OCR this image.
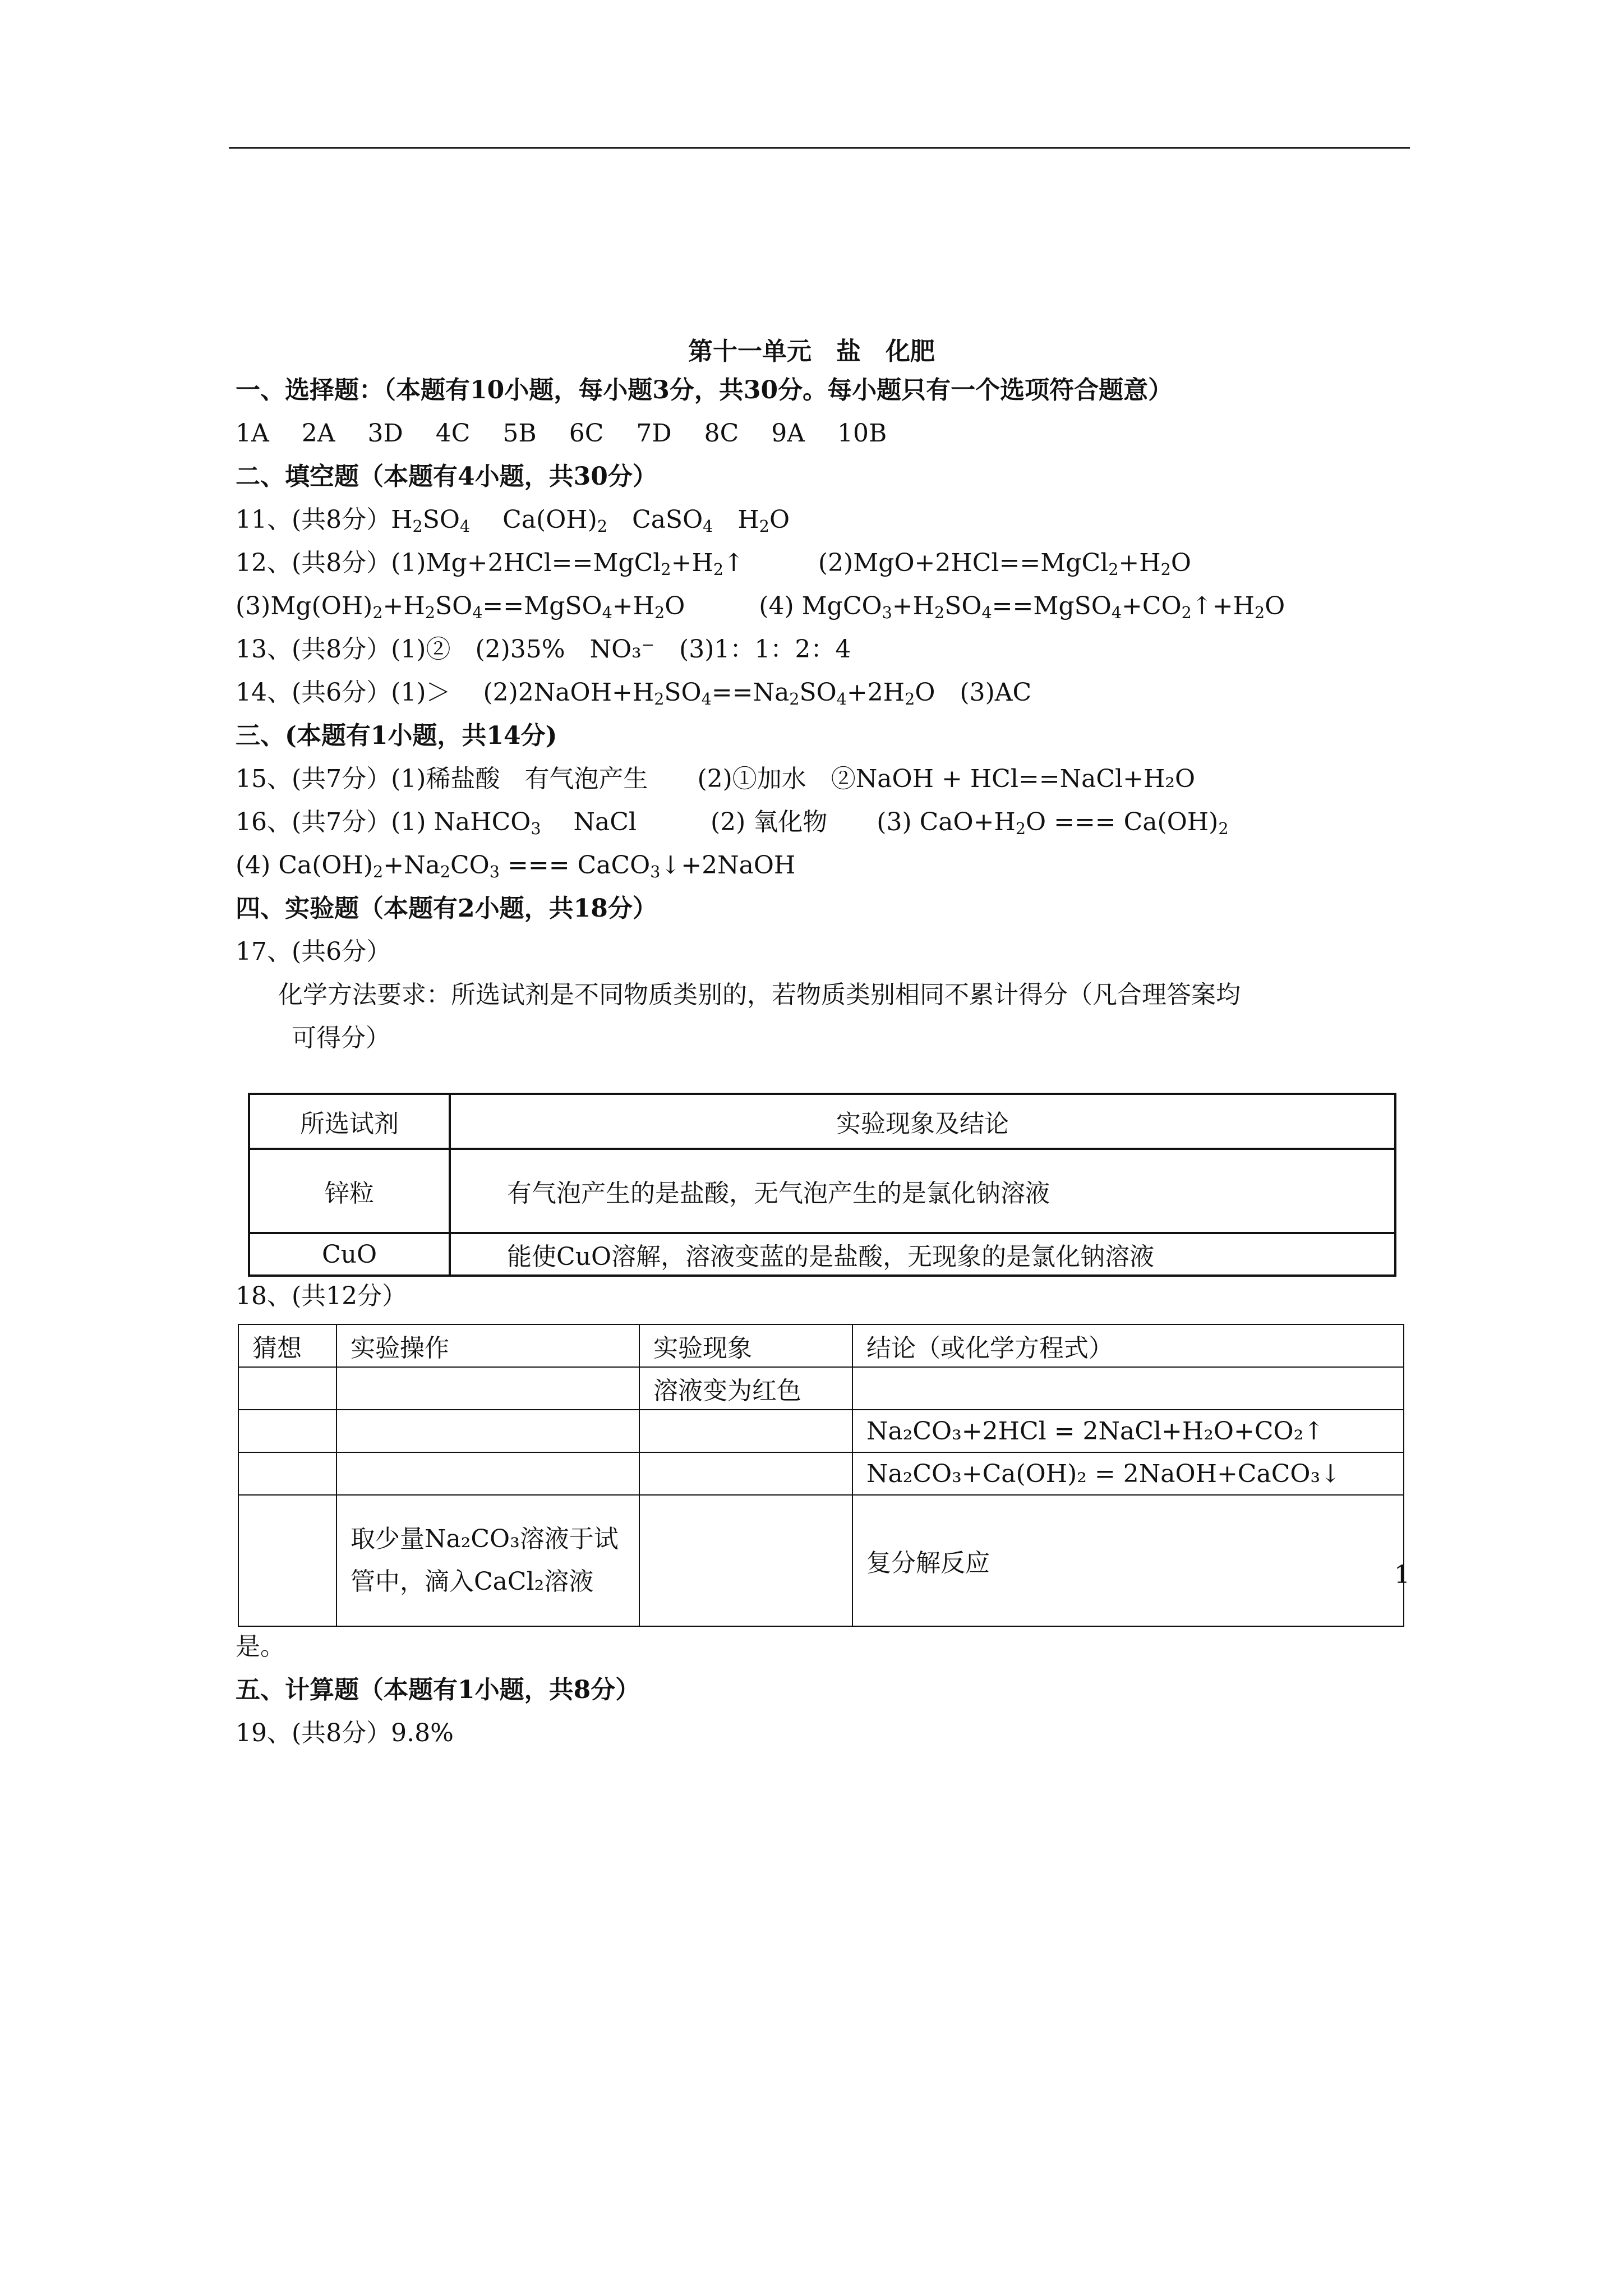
第十一单元　盐　化肥
一、选择题：（本题有10小题，每小题3分，共30分。每小题只有一个选项符合题意）
1A　 2A　 3D　 4C　 5B　 6C　 7D　 8C　 9A　 10B
二、填空题（本题有4小题，共30分）
11、(共8分）$H_2SO_4$　 $Ca(OH)_2$　CaSO$_4$　$H_2O$
12、(共8分）$(1)Mg+2HCl==MgCl_2+H_2↑$　　　$(2)MgO+2HCl==MgCl_2+H_2O$
$(3)Mg(OH)_2+H_2SO_4==MgSO_4+H_2O$　　　(4) $MgCO_3+H_2SO_4==MgSO_4+CO_2↑+H_2O$
13、(共8分）(1)②　(2)35%　NO₃⁻　(3)1：1：2：4
14、(共6分）(1)＞　 $(2)2NaOH+H_2SO_4==Na_2SO_4+2H_2O$　(3)AC
三、(本题有1小题，共14分)
15、(共7分）(1)稀盐酸　有气泡产生　　(2)①加水　②NaOH + HCl==NaCl+H₂O
16、(共7分）(1) NaHCO$_3$　 NaCl　　　(2) 氧化物　　(3) $CaO+H_2O$ === $Ca(OH)_2$
(4) $Ca(OH)_2+Na_2CO_3$ === CaCO$_3$↓+2NaOH
四、实验题（本题有2小题，共18分）
17、(共6分）
化学方法要求：所选试剂是不同物质类别的，若物质类别相同不累计得分（凡合理答案均
可得分）
所选试剂	实验现象及结论
锌粒	有气泡产生的是盐酸，无气泡产生的是氯化钠溶液
CuO	能使CuO溶解，溶液变蓝的是盐酸，无现象的是氯化钠溶液
18、(共12分）
猜想	实验操作	实验现象	结论（或化学方程式）
		溶液变为红色	
			Na₂CO₃+2HCl = 2NaCl+H₂O+CO₂↑
			Na₂CO₃+Ca(OH)₂ = 2NaOH+CaCO₃↓
	取少量Na₂CO₃溶液于试管中，滴入CaCl₂溶液		复分解反应
是。
五、计算题（本题有1小题，共8分）
19、(共8分）9.8%
1
